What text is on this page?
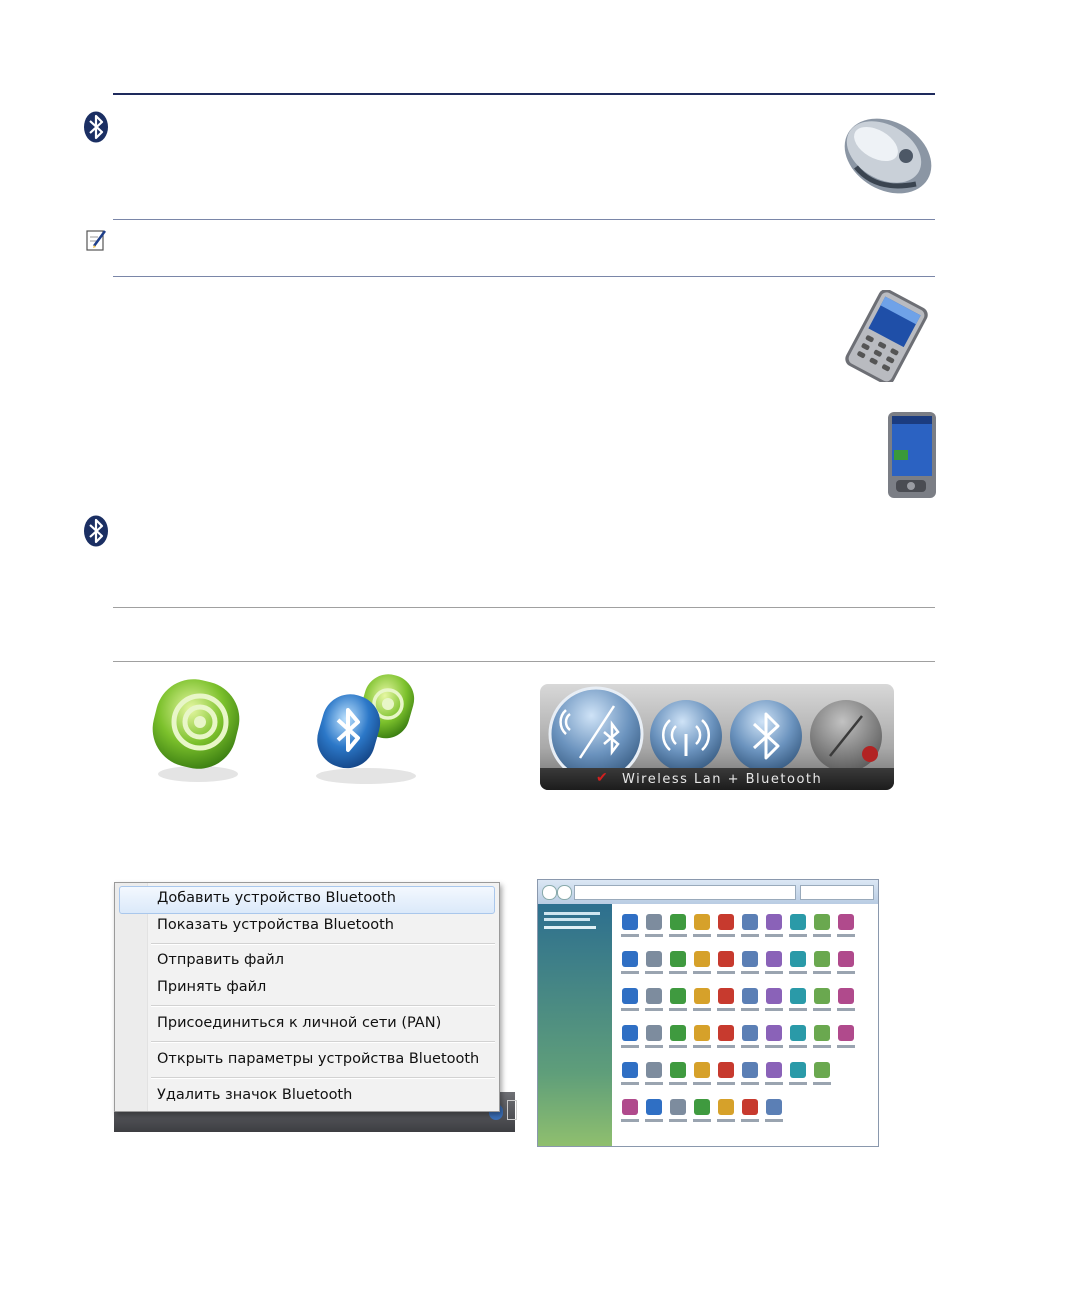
✔ Wireless Lan + Bluetooth
Добавить устройство Bluetooth
Показать устройства Bluetooth
Отправить файл
Принять файл
Присоединиться к личной сети (PAN)
Открыть параметры устройства Bluetooth
Удалить значок Bluetooth
